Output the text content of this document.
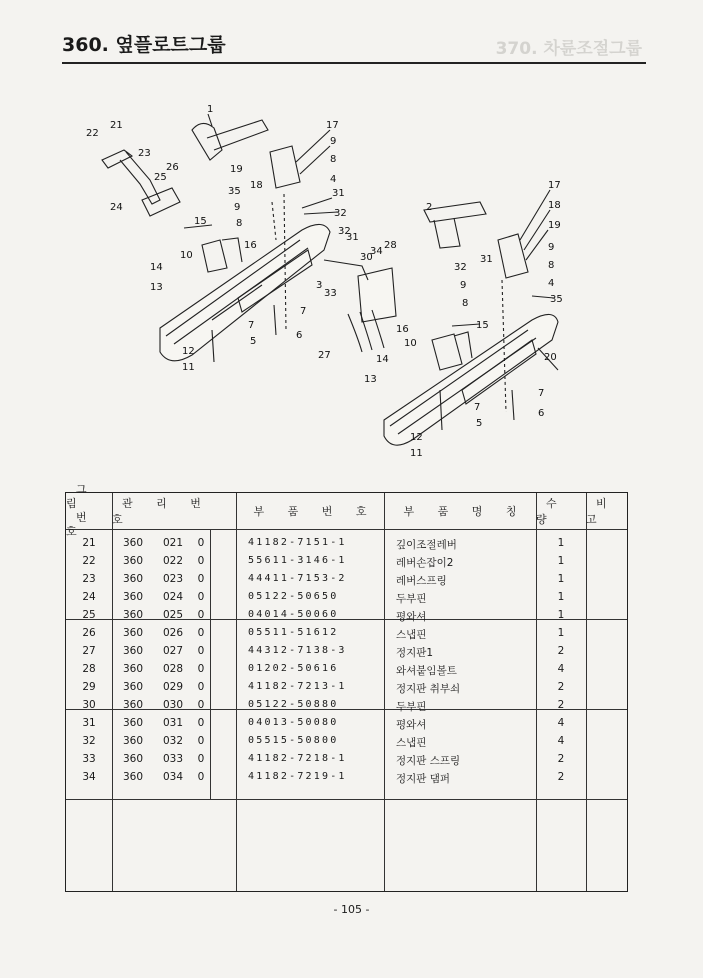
360. 옆플로트그룹	370. 차륜조절그룹
1
17
9
8
4
31
32
21
22
23
26
25
19
18
35
24
15
9
8
10
16
14
13	3
33
32
31
34
28
30
12
11
7
5
6
7
27
17
18
19
2
9
8
4
35
32
31
9
8
15
16
10
14
13
20
7
7
6
5
12
11
그 림
번 호
관 리 번 호
부 품 번 호	부 품 명 칭
수 량
비 고
21	360	021	0	41182-7151-1	깊이조절레버	1
22	360	022	0	55611-3146-1	레버손잡이2	1
23	360	023	0	44411-7153-2	레버스프링	1
24	360	024	0	05122-50650	두부핀	1
25	360	025	0	04014-50060	평와셔	1
26	360	026	0	05511-51612	스냅핀	1
27	360	027	0	44312-7138-3	정지판1	2
28	360	028	0	01202-50616	와셔붙임볼트	4
29	360	029	0	41182-7213-1	정지판 취부쇠	2
30	360	030	0	05122-50880	두부핀	2
31	360	031	0	04013-50080	평와셔	4
32	360	032	0	05515-50800	스냅핀	4
33	360	033	0	41182-7218-1	정지판 스프링	2
34	360	034	0	41182-7219-1	정지판 댐퍼	2
- 105 -
